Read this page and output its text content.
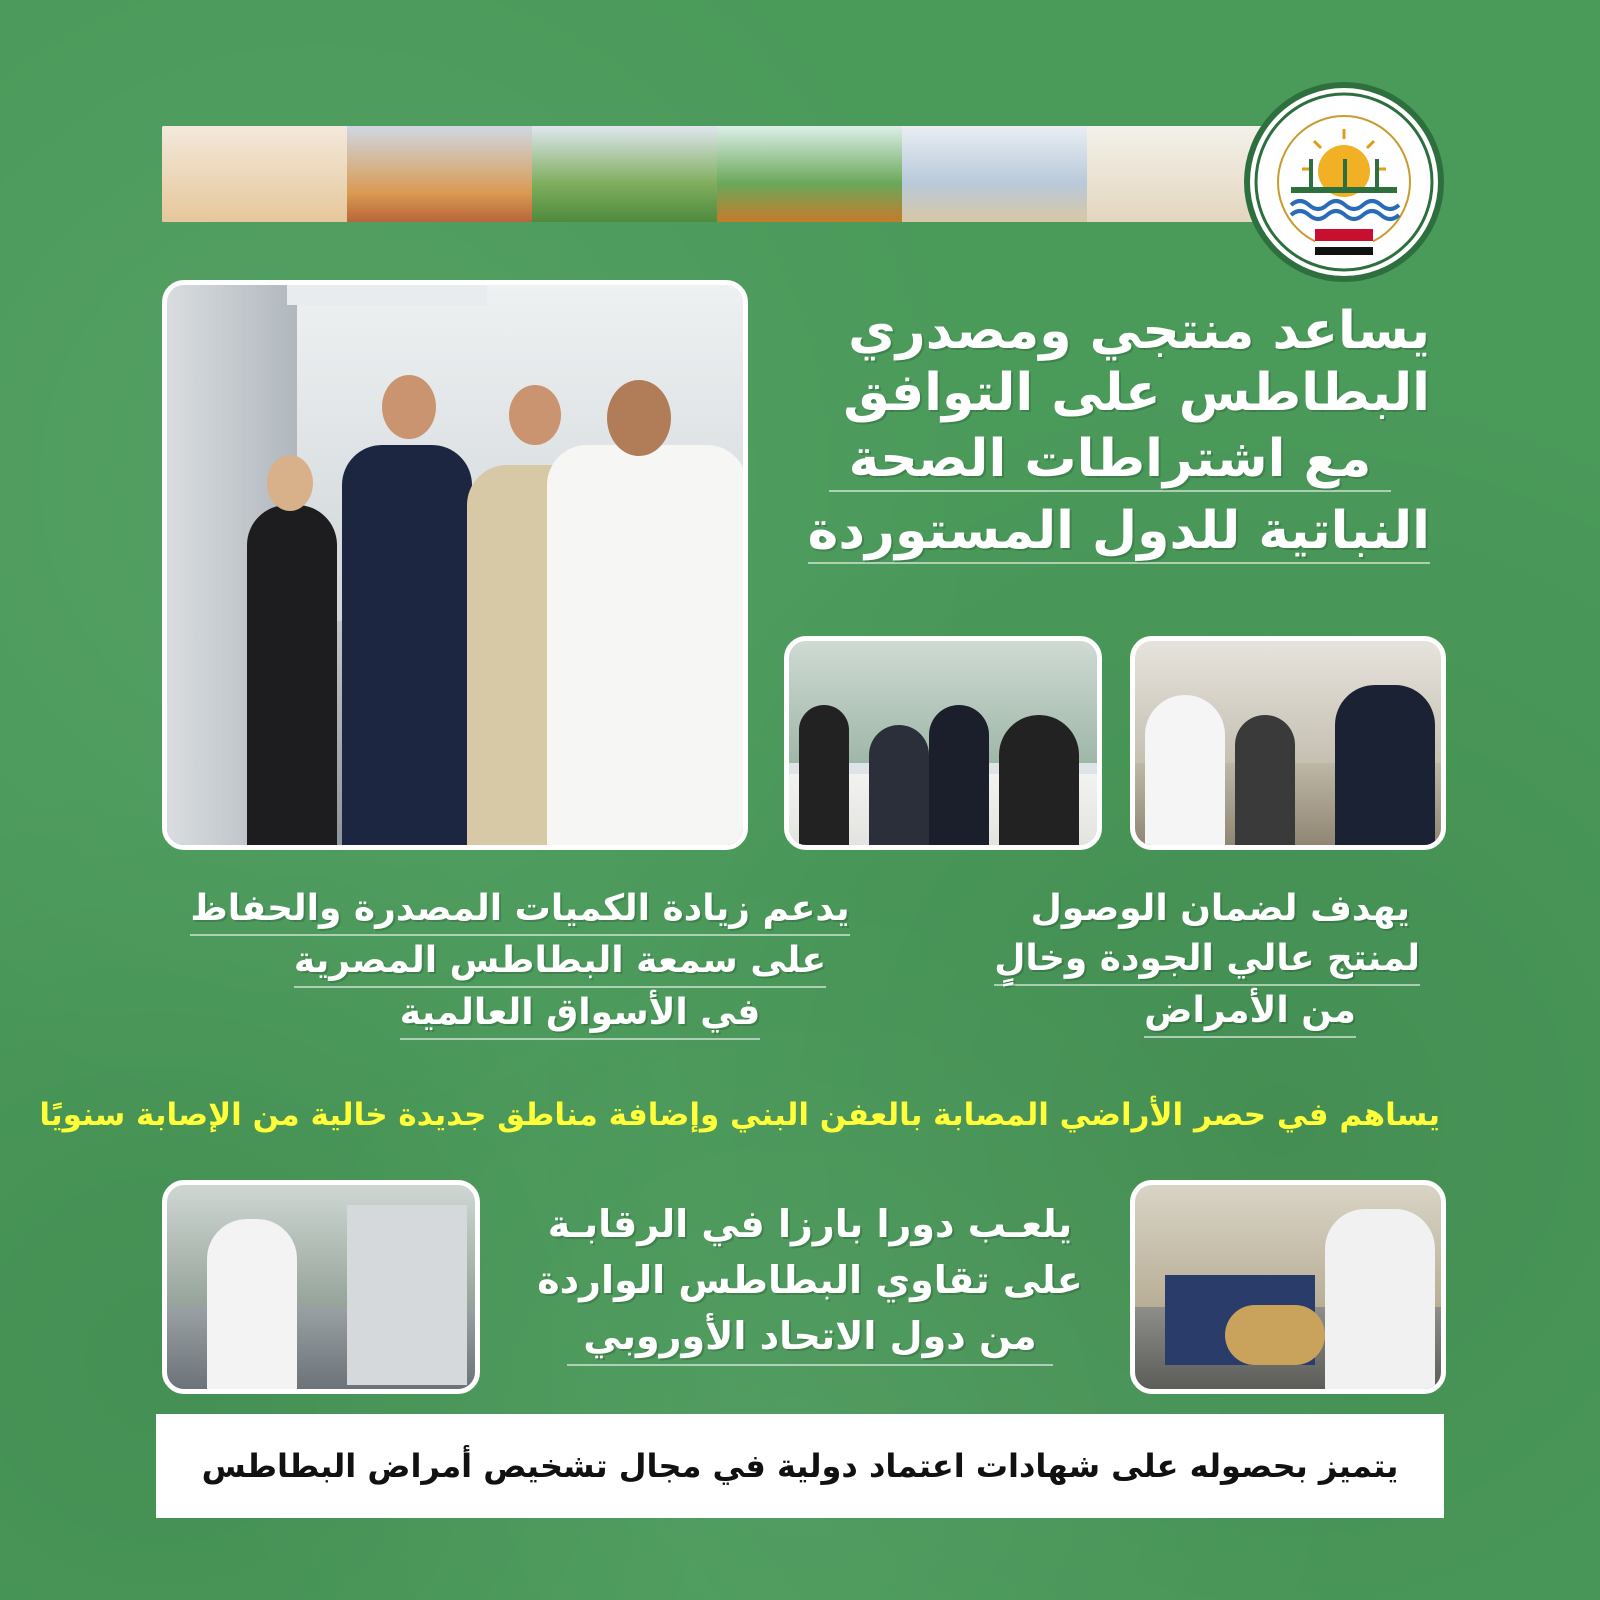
يساعد منتجي ومصدري
البطاطس على التوافق
مع اشتراطات الصحة
النباتية للدول المستوردة
يهدف لضمان الوصول
لمنتج عالي الجودة وخالٍ
من الأمراض
يدعم زيادة الكميات المصدرة والحفاظ
على سمعة البطاطس المصرية
في الأسواق العالمية
يساهم في حصر الأراضي المصابة بالعفن البني وإضافة مناطق جديدة خالية من الإصابة سنويًا
يلعـب دورا بارزا في الرقابـة
على تقاوي البطاطس الواردة
من دول الاتحاد الأوروبي
يتميز بحصوله على شهادات اعتماد دولية في مجال تشخيص أمراض البطاطس
